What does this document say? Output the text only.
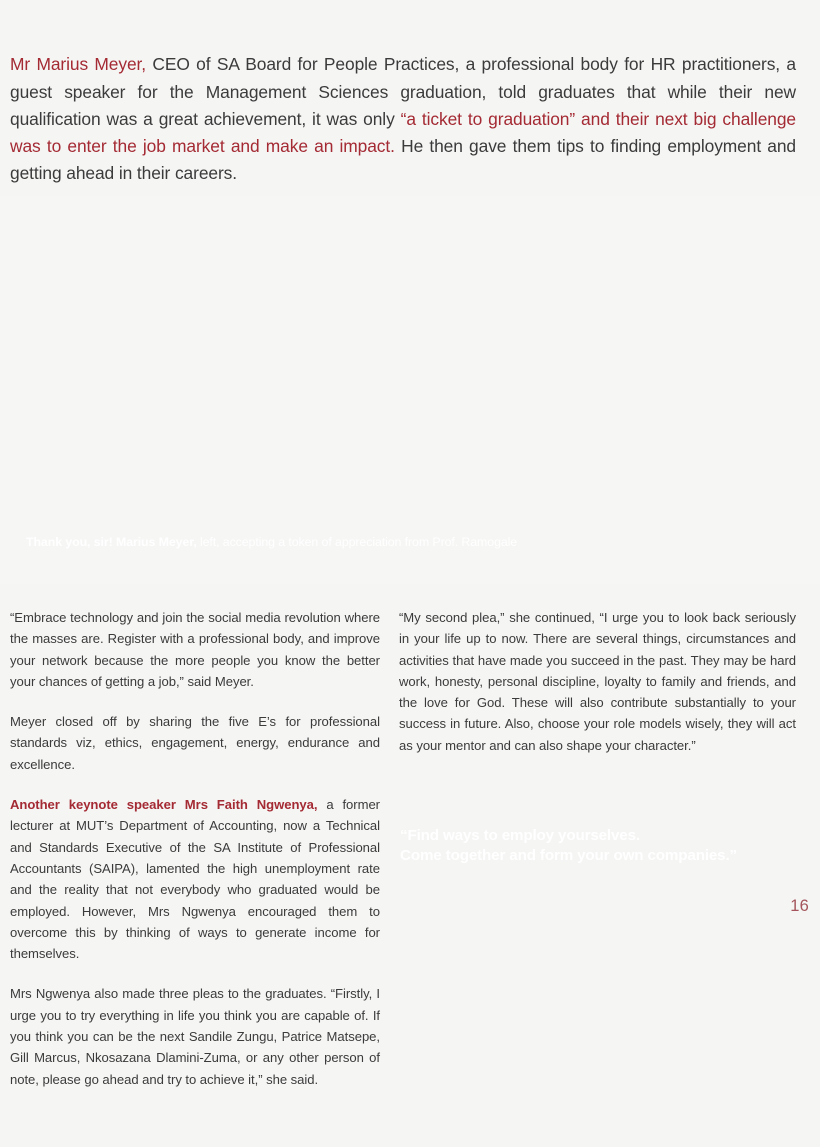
Mr Marius Meyer, CEO of SA Board for People Practices, a professional body for HR practitioners, a guest speaker for the Management Sciences graduation, told graduates that while their new qualification was a great achievement, it was only “a ticket to graduation” and their next big challenge was to enter the job market and make an impact. He then gave them tips to finding employment and getting ahead in their careers.

Thank you, sir! Marius Meyer, left, accepting a token of appreciation from Prof. Ramogale

“Embrace technology and join the social media revolution where the masses are. Register with a professional body, and improve your network because the more people you know the better your chances of getting a job,” said Meyer.

Meyer closed off by sharing the five E’s for professional standards viz, ethics, engagement, energy, endurance and excellence.

Another keynote speaker Mrs Faith Ngwenya, a former lecturer at MUT’s Department of Accounting, now a Technical and Standards Executive of the SA Institute of Professional Accountants (SAIPA), lamented the high unemployment rate and the reality that not everybody who graduated would be employed. However, Mrs Ngwenya encouraged them to overcome this by thinking of ways to generate income for themselves.

Mrs Ngwenya also made three pleas to the graduates. “Firstly, I urge you to try everything in life you think you are capable of. If you think you can be the next Sandile Zungu, Patrice Matsepe, Gill Marcus, Nkosazana Dlamini-Zuma, or any other person of note, please go ahead and try to achieve it,” she said.

“My second plea,” she continued, “I urge you to look back seriously in your life up to now. There are several things, circumstances and activities that have made you succeed in the past. They may be hard work, honesty, personal discipline, loyalty to family and friends, and the love for God. These will also contribute substantially to your success in future. Also, choose your role models wisely, they will act as your mentor and can also shape your character.”

“Find ways to employ yourselves.
Come together and form your own companies.”
16
